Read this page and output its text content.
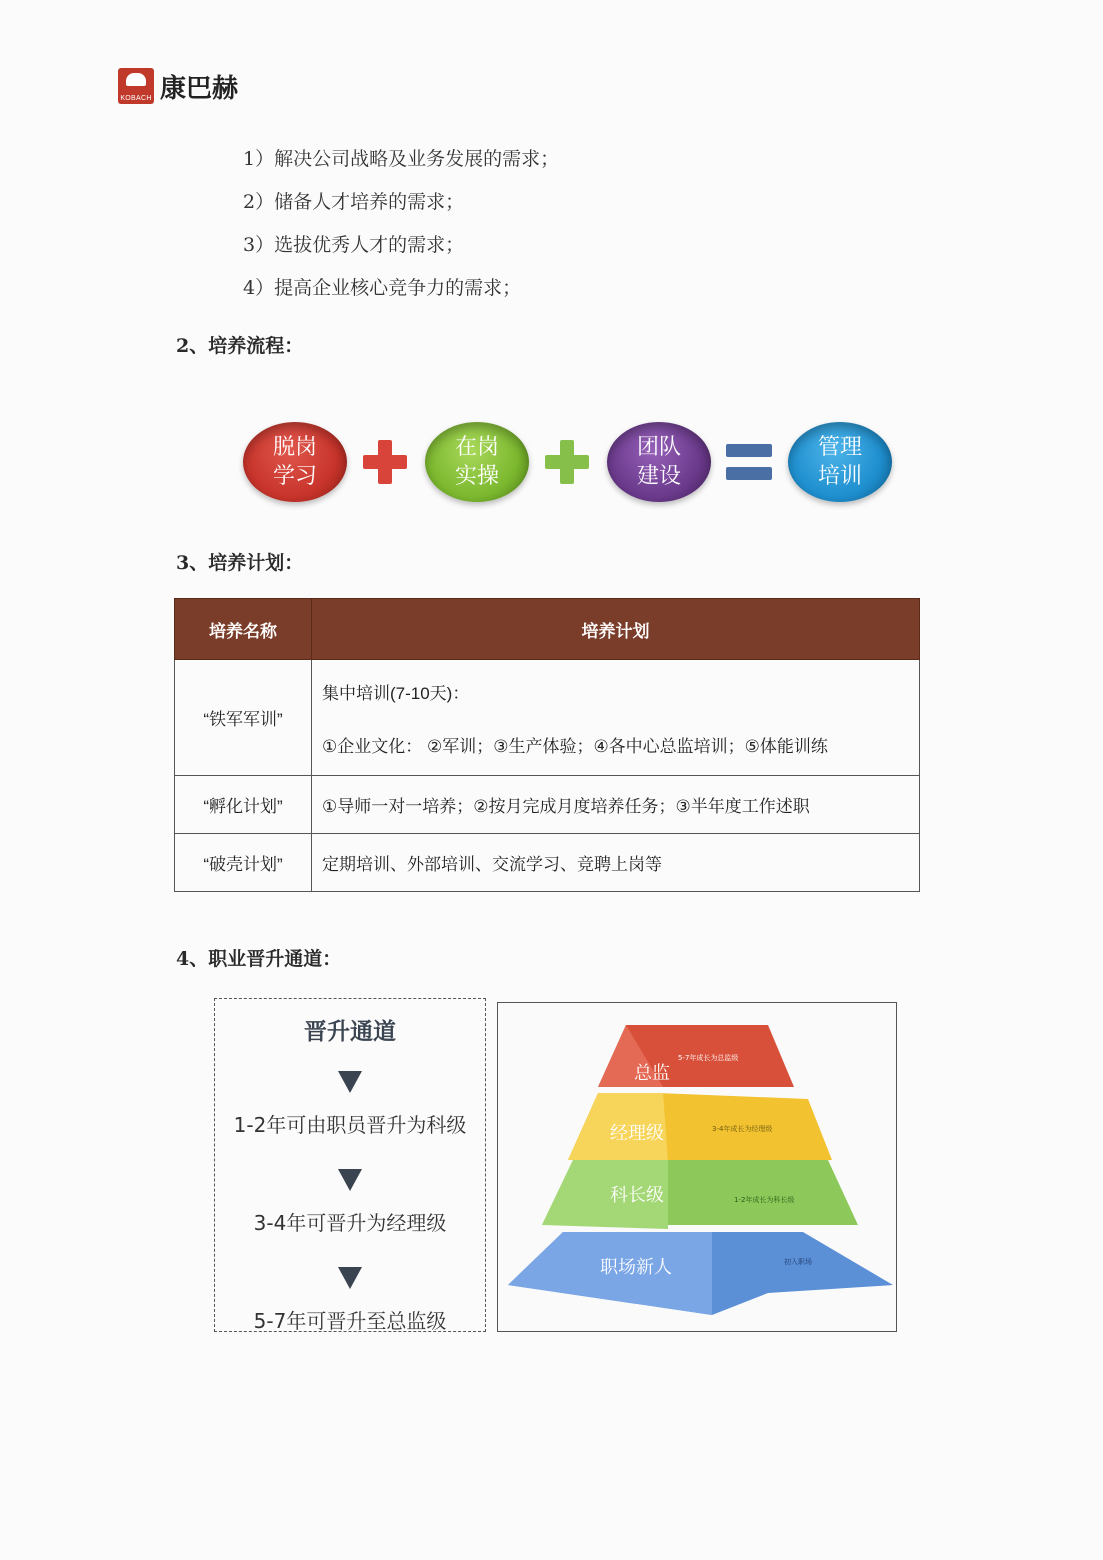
KOBACH 康巴赫
1）解决公司战略及业务发展的需求；
2）储备人才培养的需求；
3）选拔优秀人才的需求；
4）提高企业核心竞争力的需求；
2、培养流程：
脱岗
学习
在岗
实操
团队
建设
管理
培训
3、培养计划：
培养名称	培养计划
“铁军军训”	集中培训(7-10天)：
①企业文化： ②军训；③生产体验；④各中心总监培训；⑤体能训练

“孵化计划”	①导师一对一培养；②按月完成月度培养任务；③半年度工作述职
“破壳计划”	定期培训、外部培训、交流学习、竞聘上岗等
4、职业晋升通道：
晋升通道
1-2年可由职员晋升为科级
3-4年可晋升为经理级
5-7年可晋升至总监级
总监
5-7年成长为总监级
经理级	3-4年成长为经理级
科长级	1-2年成长为科长级
职场新人	初入职场
